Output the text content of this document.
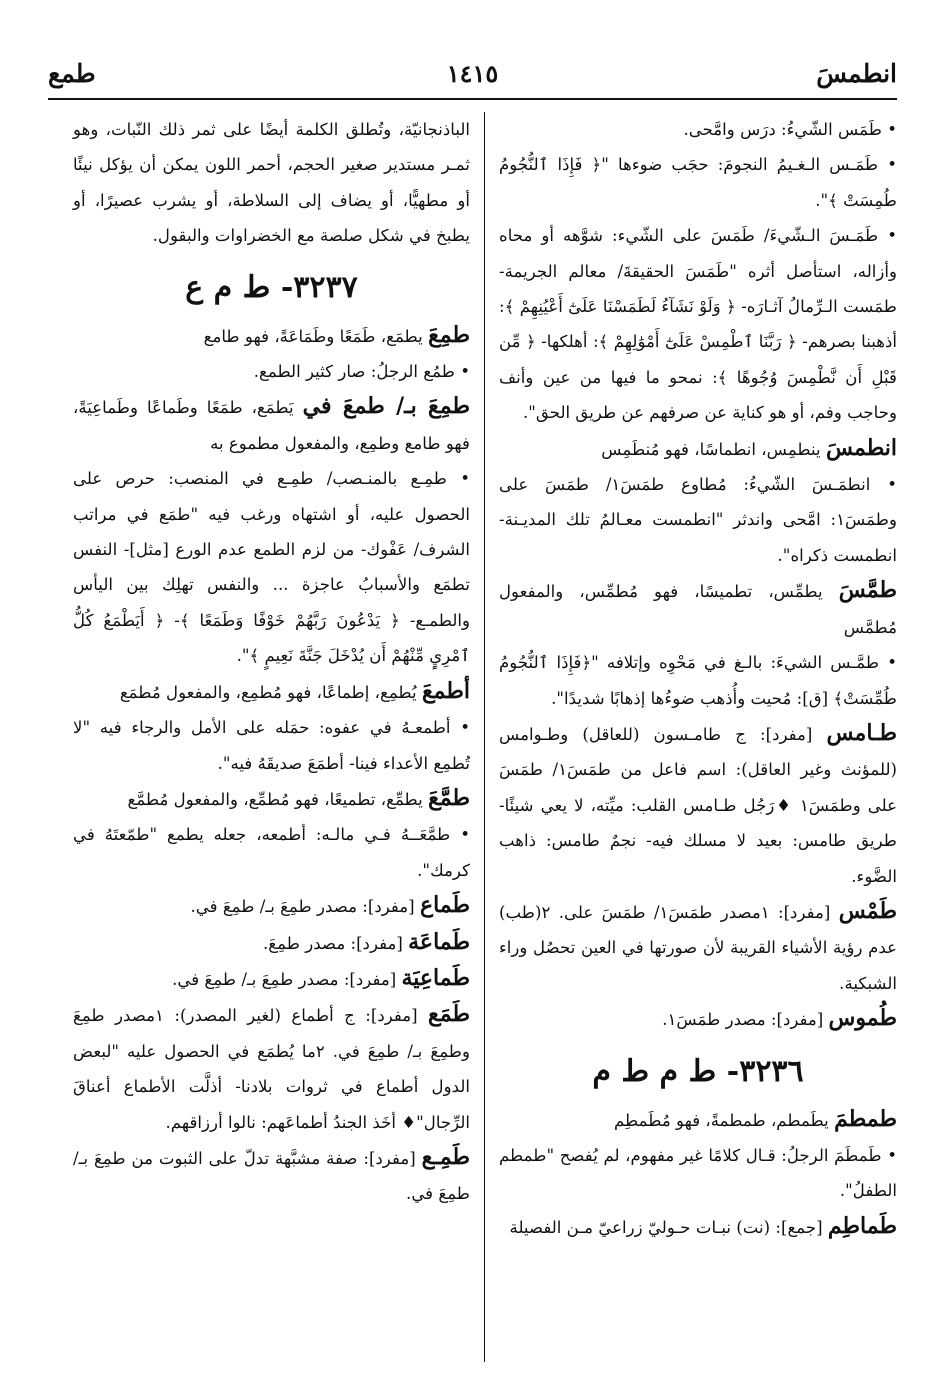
انطمسَ
١٤١٥
طمع

• طَمَس الشّيءُ: درَس وامَّحى.

• طَمَـس الـغـيمُ النجومَ: حجَب ضوءها "﴿ فَإِذَا ٱلنُّجُومُ طُمِسَتْ ﴾".

• طَمَـسَ الـشّيءَ/ طَمَسَ على الشّيء: شوَّهه أو محاه وأزاله، استأصل أثره "طَمَسَ الحقيقةَ/ معالم الجريمة- طمَست الـرِّمالُ آثـارَه- ﴿ وَلَوْ نَشَآءُ لَطَمَسْنَا عَلَىٰٓ أَعْيُنِهِمْ ﴾: أذهبنا بصرهم- ﴿ رَبَّنَا ٱطْمِسْ عَلَىٰٓ أَمْوَٰلِهِمْ ﴾: أهلكها- ﴿ مِّن قَبْلِ أَن نَّطْمِسَ وُجُوهًا ﴾: نمحو ما فيها من عين وأنف وحاجب وفم، أو هو كناية عن صرفهم عن طريق الحق".

انطمسَ ينطمِس، انطماسًا، فهو مُنطَمِس

• انطمَـسَ الشّيءُ: مُطاوع طمَسَ١/ طمَسَ على وطمَسَ١: امَّحى واندثر "انطمست معـالمُ تلك المديـنة- انطمست ذكراه".

طمَّسَ يطمِّس، تطميسًا، فهو مُطمِّس، والمفعول مُطمَّس

• طمَّـس الشيءَ: بالـغ في مَحْوِه وإتلافه "﴿فَإِذَا ٱلنُّجُومُ طُمِّسَتْ﴾ [ق]: مُحيت وأُذهب ضوءُها إذهابًا شديدًا".

طـامس [مفرد]: ج طامـسون (للعاقل) وطـوامس (للمؤنث وغير العاقل): اسم فاعل من طمَسَ١/ طمَسَ على وطمَسَ١ ♦رَجُل طـامس القلب: ميِّته، لا يعي شيئًا- طريق طامس: بعيد لا مسلك فيه- نجمٌ طامس: ذاهب الضَّوء.

طَمْس [مفرد]: ١مصدر طمَسَ١/ طمَسَ على. ٢(طب) عدم رؤية الأشياء القريبة لأن صورتها في العين تحصُل وراء الشبكية.

طُموس [مفرد]: مصدر طمَسَ١.

٣٢٣٦- ط م ط م

طمطمَ يطَمطم، طمطمةً، فهو مُطَمطِم

• طَمطَمَ الرجلُ: قـال كلامًا غير مفهوم، لم يُفصح "طمطم الطفلُ".

طَماطِم [جمع]: (نت) نبـات حـوليّ زراعيّ مـن الفصيلة

الباذنجانيّة، وتُطلق الكلمة أيضًا على ثمر ذلك النّبات، وهو ثمـر مستدير صغير الحجم، أحمر اللون يمكن أن يؤكل نيئًا أو مطهيًّا، أو يضاف إلى السلاطة، أو يشرب عصيرًا، أو يطبخ في شكل صلصة مع الخضراوات والبقول.

٣٢٣٧- ط م ع

طمِعَ يطمَع، طَمَعًا وطَمَاعَةً، فهو طامع

• طمُع الرجلُ: صار كثير الطمع.

طمِعَ بـ/ طمعَ في يَطمَع، طمَعًا وطَماعًا وطَماعِيَةً، فهو طامع وطمِع، والمفعول مطموع به

• طمِـع بالمنـصب/ طمِـع في المنصب: حرص على الحصول عليه، أو اشتهاه ورغب فيه "طمَع في مراتب الشرف/ عَفْوك- من لزم الطمع عدم الورع [مثل]- النفس تطمَع والأسبابُ عاجزة ... والنفس تهلِك بين اليأس والطمـع- ﴿ يَدْعُونَ رَبَّهُمْ خَوْفًا وَطَمَعًا ﴾- ﴿ أَيَطْمَعُ كُلُّ ٱمْرِيٍٕ مِّنْهُمْ أَن يُدْخَلَ جَنَّةَ نَعِيمٍ ﴾".

أطمعَ يُطمِع، إطماعًا، فهو مُطمِع، والمفعول مُطمَع

• أطمعـهُ في عفوه: حمَله على الأمل والرجاء فيه "لا تُطمِع الأعداء فينا- أطمَعَ صديقَهُ فيه".

طمَّعَ يطمِّع، تطميعًا، فهو مُطمِّع، والمفعول مُطمَّع

• طمَّعَــهُ فـي مالـه: أطمعه، جعله يطمع "طمّعتَهُ في كرمك".

طَماع [مفرد]: مصدر طمِعَ بـ/ طمِعَ في.

طَماعَة [مفرد]: مصدر طمِعَ.

طَماعِيَة [مفرد]: مصدر طمِعَ بـ/ طمِعَ في.

طَمَع [مفرد]: ج أطماع (لغير المصدر): ١مصدر طمِعَ وطمِعَ بـ/ طمِعَ في. ٢ما يُطمَع في الحصول عليه "لبعض الدول أطماع في ثروات بلادنا- أذلَّت الأطماع أعناقَ الرِّجال"♦ أخَذ الجندُ أطماعَهم: نالوا أرزاقهم.

طَمِـع [مفرد]: صفة مشبَّهة تدلّ على الثبوت من طمِعَ بـ/ طمِعَ في.
